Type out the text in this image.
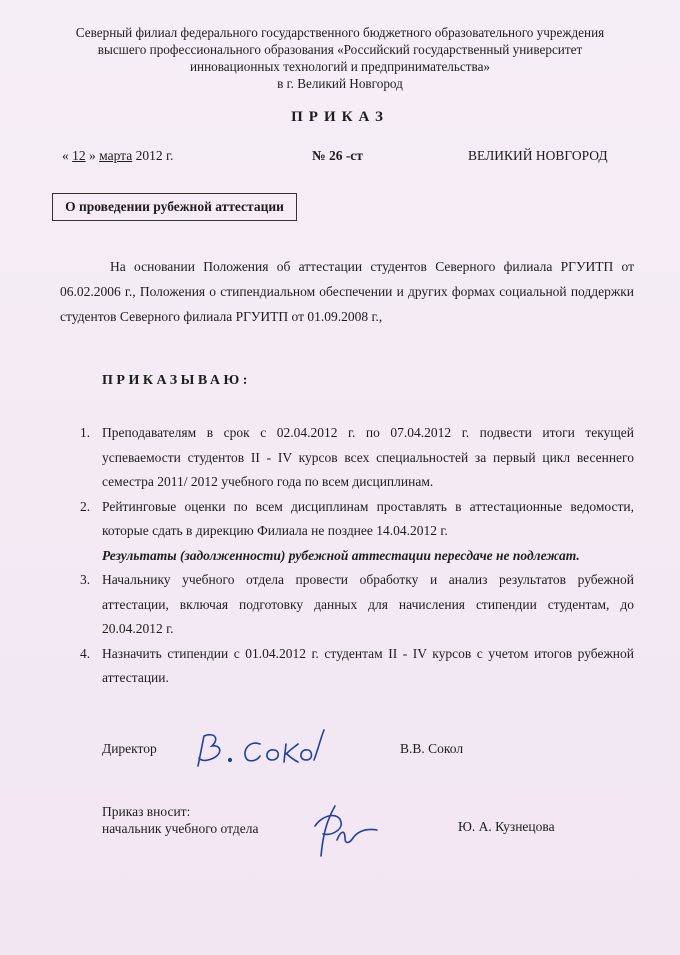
Северный филиал федерального государственного бюджетного образовательного учреждения
высшего профессионального образования «Российский государственный университет
инновационных технологий и предпринимательства»
в г. Великий Новгород
ПРИКАЗ
« 12 » марта 2012 г.	№ 26 -ст	ВЕЛИКИЙ НОВГОРОД
О проведении рубежной аттестации
На основании Положения об аттестации студентов Северного филиала РГУИТП от 06.02.2006 г., Положения о стипендиальном обеспечении и других формах социальной поддержки студентов Северного филиала РГУИТП от 01.09.2008 г.,
ПРИКАЗЫВАЮ:
1. Преподавателям в срок с 02.04.2012 г. по 07.04.2012 г. подвести итоги текущей успеваемости студентов II - IV курсов всех специальностей за первый цикл весеннего семестра 2011/ 2012 учебного года по всем дисциплинам.
2. Рейтинговые оценки по всем дисциплинам проставлять в аттестационные ведомости, которые сдать в дирекцию Филиала не позднее 14.04.2012 г.
Результаты (задолженности) рубежной аттестации пересдаче не подлежат.
3. Начальнику учебного отдела провести обработку и анализ результатов рубежной аттестации, включая подготовку данных для начисления стипендии студентам, до 20.04.2012 г.
4. Назначить стипендии с 01.04.2012 г. студентам II - IV курсов с учетом итогов рубежной аттестации.
Директор	В.В. Сокол
Приказ вносит:
начальник учебного отдела	Ю. А. Кузнецова
